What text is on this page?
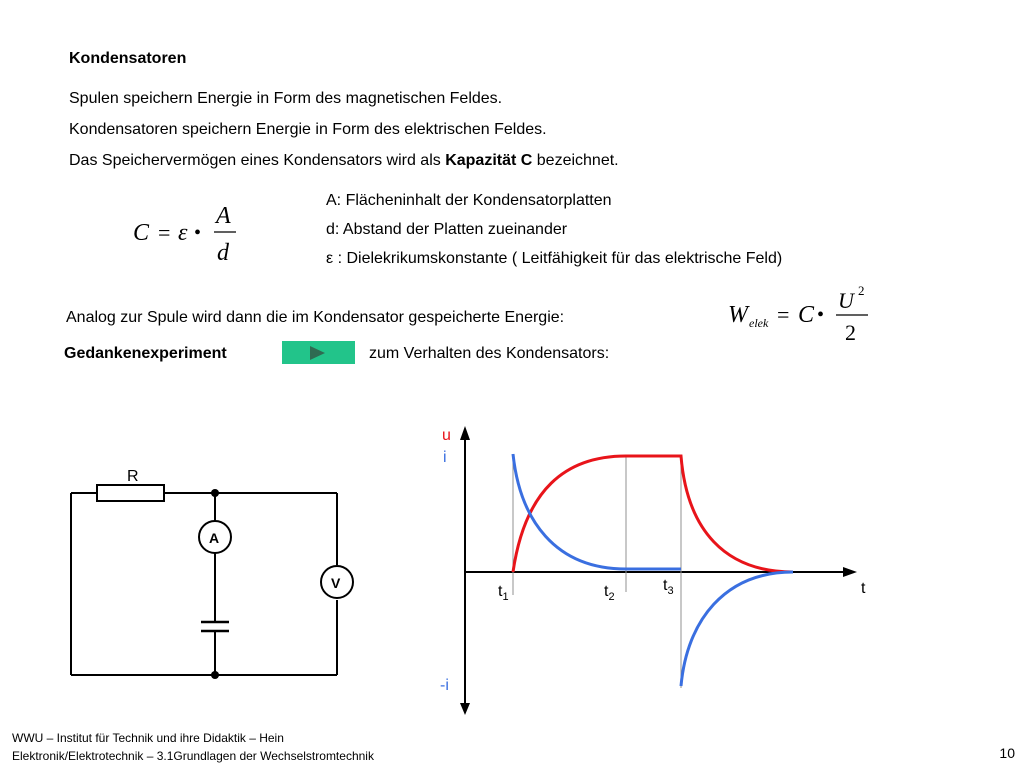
Kondensatoren
Spulen speichern Energie in Form des magnetischen Feldes.
Kondensatoren speichern Energie in Form des elektrischen Feldes.
Das Speichervermögen eines Kondensators wird als Kapazität C bezeichnet.
C = ε •
A
d
A: Flächeninhalt der Kondensatorplatten
d: Abstand der Platten zueinander
ε : Dielekrikumskonstante ( Leitfähigkeit für das elektrische Feld)
Analog zur Spule wird dann die im Kondensator gespeicherte Energie:	W elek = C •
U 2
2
Gedankenexperiment	zum Verhalten des Kondensators:
R
A
V
u
i
-i
t
$t_1$	$t_2$
$t_3$
WWU – Institut für Technik und ihre Didaktik – Hein
Elektronik/Elektrotechnik – 3.1Grundlagen der Wechselstromtechnik	10
